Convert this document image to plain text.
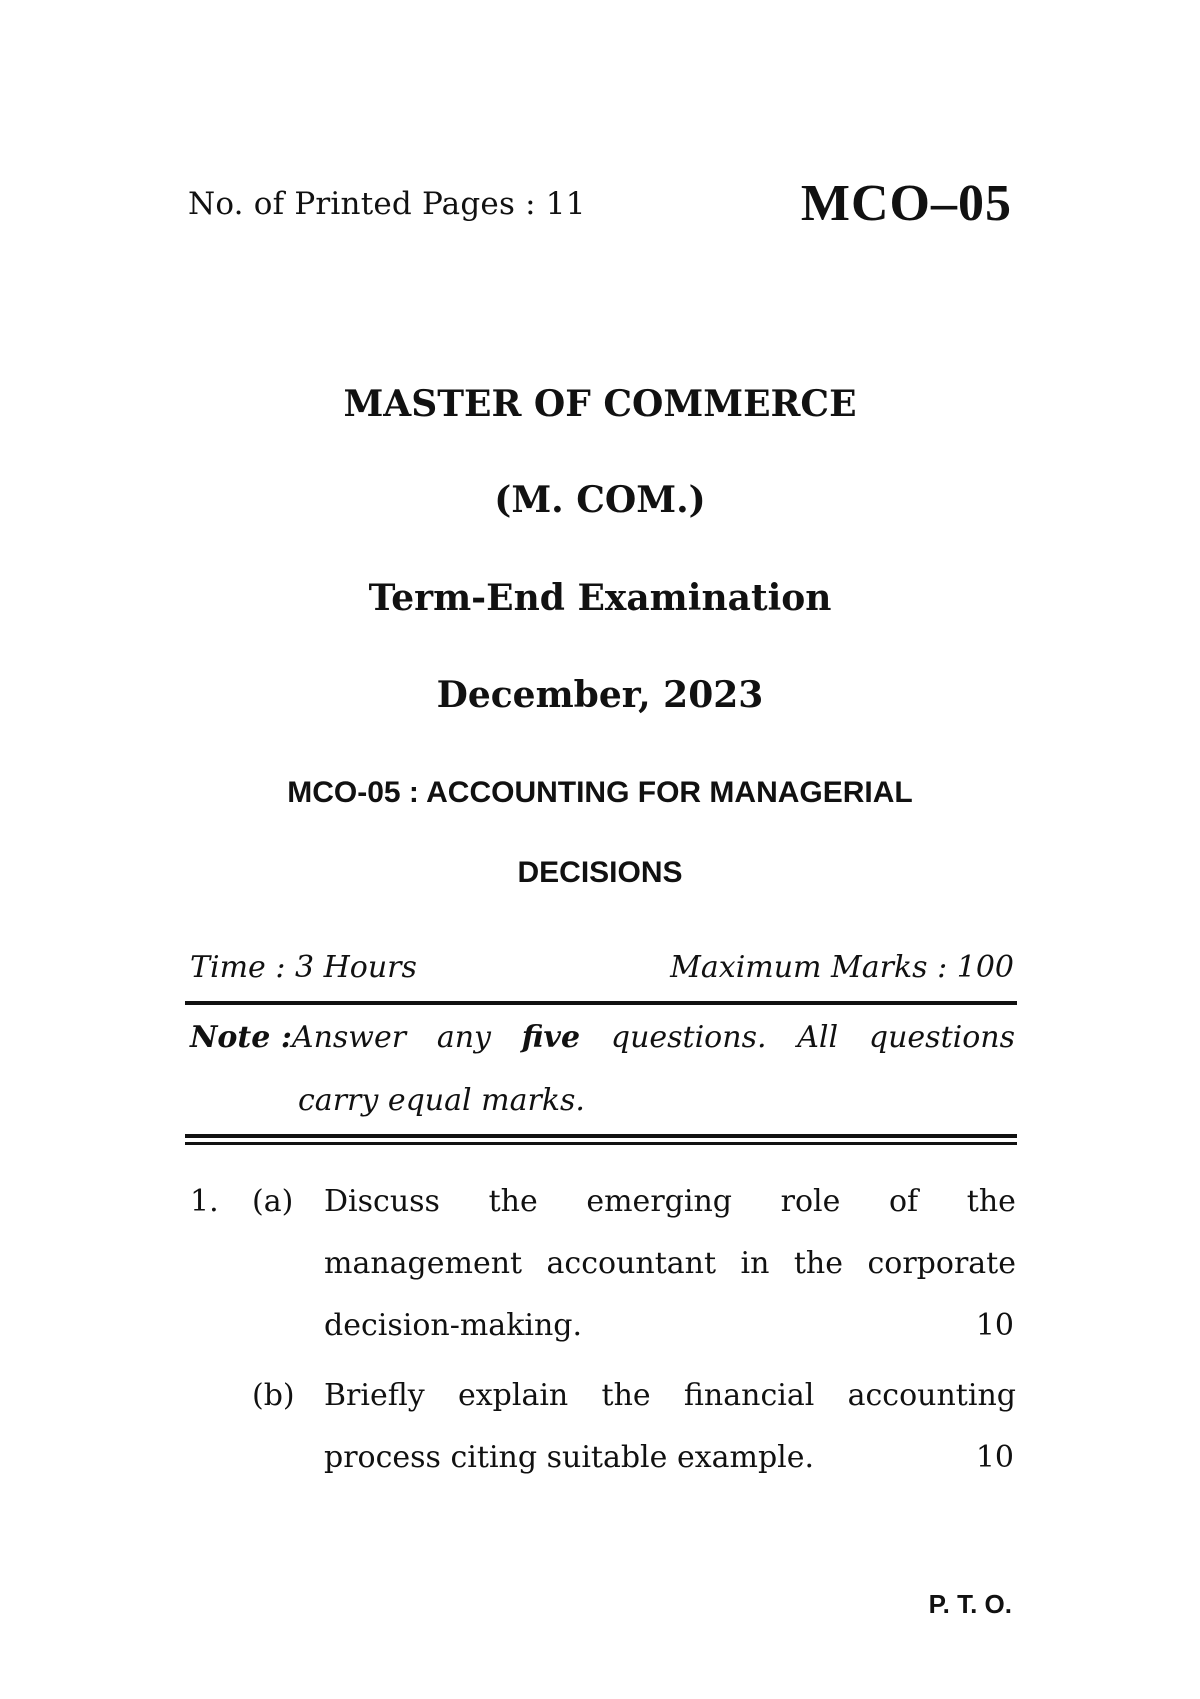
No. of Printed Pages : 11	MCO–05
MASTER OF COMMERCE
(M. COM.)
Term-End Examination
December, 2023
MCO-05 : ACCOUNTING FOR MANAGERIAL
DECISIONS
Time : 3 Hours	Maximum Marks : 100
Note :Answer any five questions. All questions
carry equal marks.
1. (a) Discuss the emerging role of the
management accountant in the corporate
decision-making.	10
(b) Briefly explain the financial accounting
process citing suitable example.	10
P. T. O.
